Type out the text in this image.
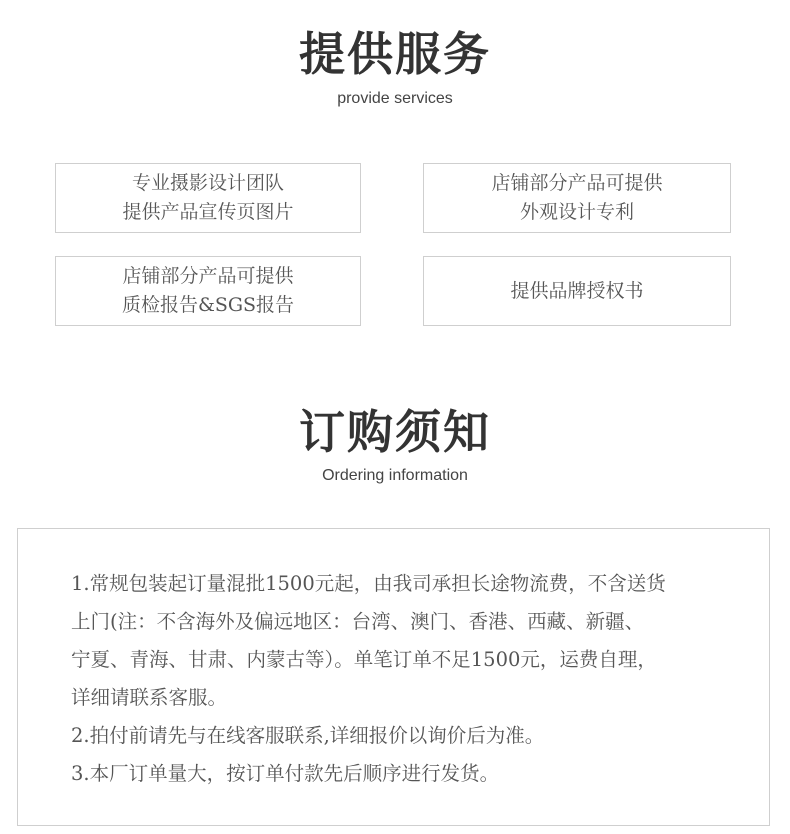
提供服务
provide services
专业摄影设计团队
提供产品宣传页图片
店铺部分产品可提供
外观设计专利
店铺部分产品可提供
质检报告&SGS报告
提供品牌授权书
订购须知
Ordering information

1.常规包装起订量混批1500元起，由我司承担长途物流费，不含送货

上门(注：不含海外及偏远地区：台湾、澳门、香港、西藏、新疆、

宁夏、青海、甘肃、内蒙古等）。单笔订单不足1500元，运费自理，

详细请联系客服。

2.拍付前请先与在线客服联系,详细报价以询价后为准。

3.本厂订单量大，按订单付款先后顺序进行发货。
